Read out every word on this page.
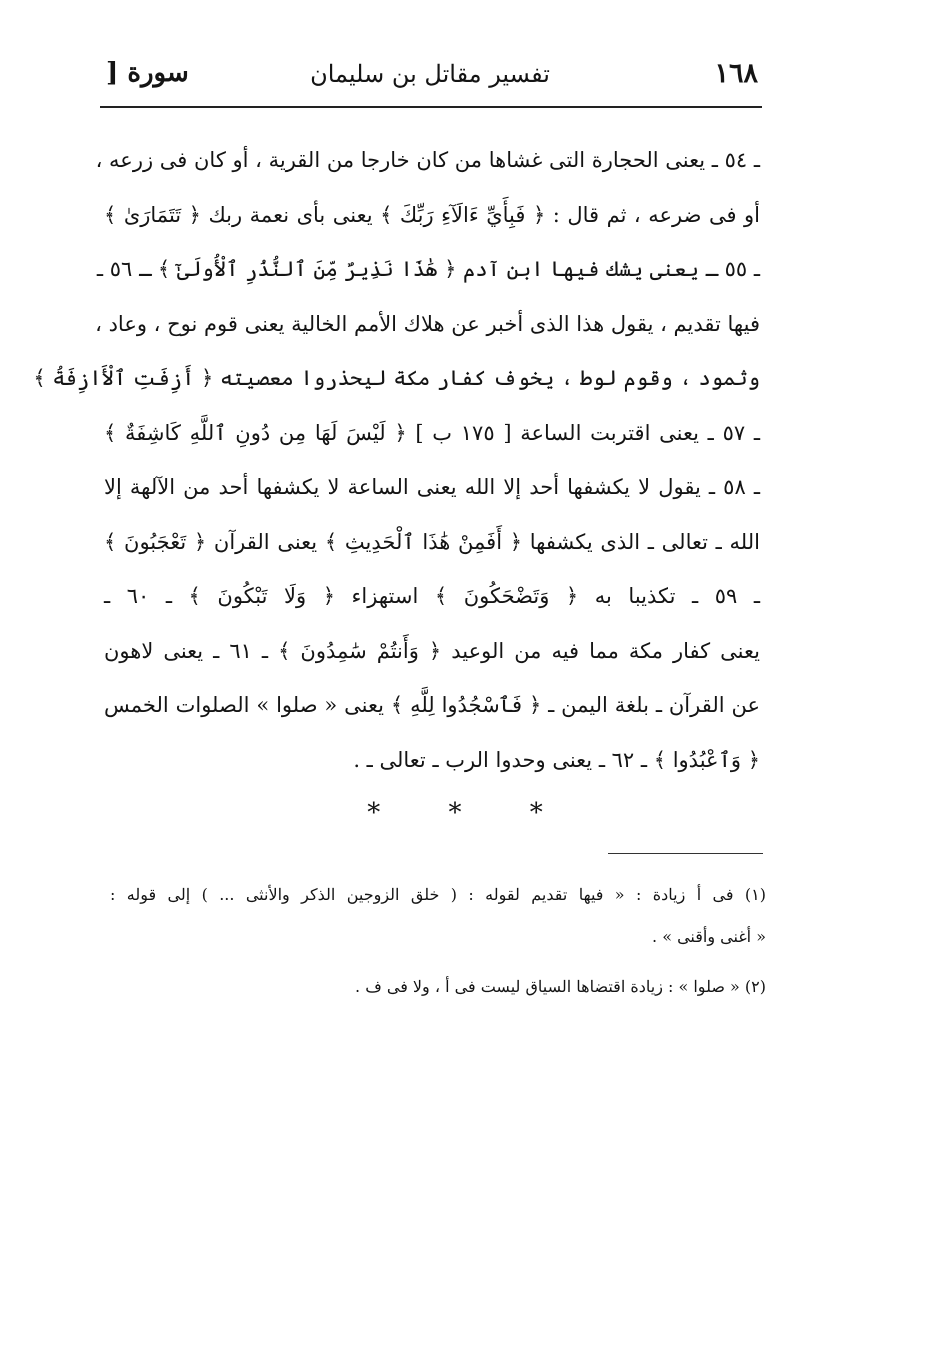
١٦٨
تفسير مقاتل بن سليمان
سورة [
ـ ٥٤ ـ يعنى الحجارة التى غشاها من كان خارجا من القرية ، أو كان فى زرعه ،
أو فى ضرعه ، ثم قال : ﴿ فَبِأَيِّ ءَالَآءِ رَبِّكَ ﴾ يعنى بأى نعمة ربك ﴿ تَتَمَارَىٰ ﴾
ـ ٥٥ ـ يعنى يشك فيها ابن آدم ﴿ هَٰذَا نَذِيرٌ مِّنَ ٱلنُّذُرِ ٱلْأُولَىٰٓ ﴾ ـ ٥٦ ـ
فيها تقديم ، يقول هذا الذى أخبر عن هلاك الأمم الخالية يعنى قوم نوح ، وعاد ،
وثمود ، وقوم لوط ، يخوف كفار مكة ليحذروا معصيته ﴿ أَزِفَتِ ٱلْأَازِفَةُ ﴾
ـ ٥٧ ـ يعنى اقتربت الساعة [ ١٧٥ ب ] ﴿ لَيْسَ لَهَا مِن دُونِ ٱللَّهِ كَاشِفَةٌ ﴾
ـ ٥٨ ـ يقول لا يكشفها أحد إلا الله يعنى الساعة لا يكشفها أحد من الآلهة إلا
الله ـ تعالى ـ الذى يكشفها ﴿ أَفَمِنْ هَٰذَا ٱلْحَدِيثِ ﴾ يعنى القرآن ﴿ تَعْجَبُونَ ﴾
ـ ٥٩ ـ تكذيبا به ﴿ وَتَضْحَكُونَ ﴾ استهزاء ﴿ وَلَا تَبْكُونَ ﴾ ـ ٦٠ ـ
يعنى كفار مكة مما فيه من الوعيد ﴿ وَأَنتُمْ سَٰمِدُونَ ﴾ ـ ٦١ ـ يعنى لاهون
عن القرآن ـ بلغة اليمن ـ ﴿ فَٱسْجُدُوا لِلَّهِ ﴾ يعنى « صلوا » الصلوات الخمس
﴿ وَٱعْبُدُوا ﴾ ـ ٦٢ ـ يعنى وحدوا الرب ـ تعالى ـ .
* * *
(١) فى أ زيادة : « فيها تقديم لقوله : ( خلق الزوجين الذكر والأنثى ... ) إلى قوله :
« أغنى وأقنى » .
(٢) « صلوا » : زيادة اقتضاها السياق ليست فى أ ، ولا فى ف .
